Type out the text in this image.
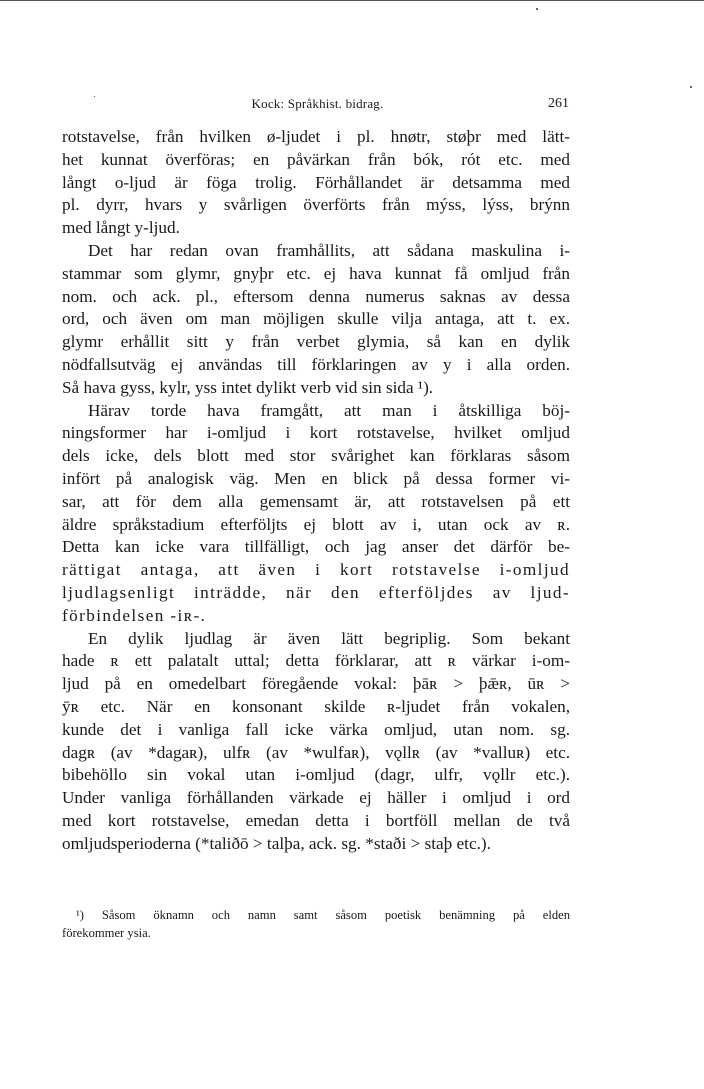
Kock: Språkhist. bidrag.	261
rotstavelse, från hvilken ø-ljudet i pl. hnøtr, støþr med lätt-
het kunnat överföras; en påvärkan från bók, rót etc. med
långt o-ljud är föga trolig. Förhållandet är detsamma med
pl. dyrr, hvars y svårligen överförts från mýss, lýss, brýnn
med långt y-ljud.
Det har redan ovan framhållits, att sådana maskulina i-
stammar som glymr, gnyþr etc. ej hava kunnat få omljud från
nom. och ack. pl., eftersom denna numerus saknas av dessa
ord, och även om man möjligen skulle vilja antaga, att t. ex.
glymr erhållit sitt y från verbet glymia, så kan en dylik
nödfallsutväg ej användas till förklaringen av y i alla orden.
Så hava gyss, kylr, yss intet dylikt verb vid sin sida ¹).
Härav torde hava framgått, att man i åtskilliga böj-
ningsformer har i-omljud i kort rotstavelse, hvilket omljud
dels icke, dels blott med stor svårighet kan förklaras såsom
infört på analogisk väg. Men en blick på dessa former vi-
sar, att för dem alla gemensamt är, att rotstavelsen på ett
äldre språkstadium efterföljts ej blott av i, utan ock av ʀ.
Detta kan icke vara tillfälligt, och jag anser det därför be-
rättigat antaga, att även i kort rotstavelse i-omljud
ljudlagsenligt inträdde, när den efterföljdes av ljud-
förbindelsen -iʀ-.
En dylik ljudlag är även lätt begriplig. Som bekant
hade ʀ ett palatalt uttal; detta förklarar, att ʀ värkar i-om-
ljud på en omedelbart föregående vokal: þāʀ > þǣʀ, ūʀ >
ȳʀ etc. När en konsonant skilde ʀ-ljudet från vokalen,
kunde det i vanliga fall icke värka omljud, utan nom. sg.
dagʀ (av *dagaʀ), ulfʀ (av *wulfaʀ), vǫllʀ (av *valluʀ) etc.
bibehöllo sin vokal utan i-omljud (dagr, ulfr, vǫllr etc.).
Under vanliga förhållanden värkade ej häller i omljud i ord
med kort rotstavelse, emedan detta i bortföll mellan de två
omljudsperioderna (*taliðō > talþa, ack. sg. *staði > staþ etc.).
¹) Såsom öknamn och namn samt såsom poetisk benämning på elden
förekommer ysia.
